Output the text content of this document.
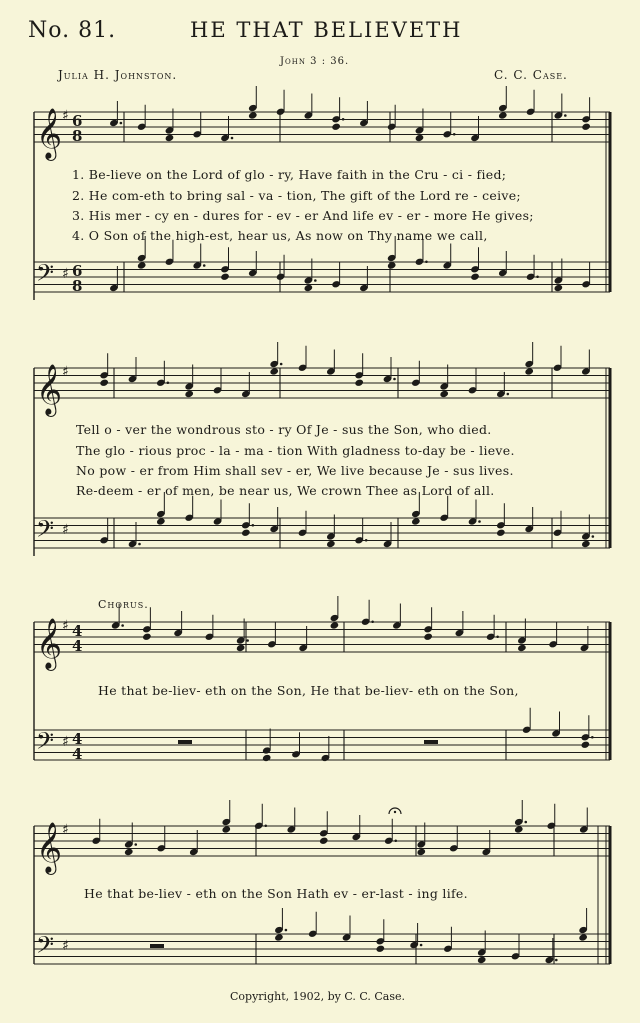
No. 81.	HE THAT BELIEVETH
John 3 : 36.
Julia H. Johnston.	C. C. Case.
𝄞 ♯ 6
8
𝄢 ♯ 6
8
𝄞 ♯
𝄢 ♯
𝄞 ♯ 4
4
𝄢 ♯ 4
4
𝄞 ♯
𝄢 ♯
1. Be-lieve on the Lord of glo - ry, Have faith in the Cru - ci - fied;
2. He com-eth to bring sal - va - tion, The gift of the Lord re - ceive;
3. His mer - cy en - dures for - ev - er And life ev - er - more He gives;
4. O Son of the high-est, hear us, As now on Thy name we call,
Tell o - ver the wondrous sto - ry Of Je - sus the Son, who died.
The glo - rious proc - la - ma - tion With gladness to-day be - lieve.
No pow - er from Him shall sev - er, We live because Je - sus lives.
Re-deem - er of men, be near us, We crown Thee as Lord of all.
Chorus.
He that be-liev- eth on the Son, He that be-liev- eth on the Son,
He that be-liev - eth on the Son Hath ev - er-last - ing life.
Copyright, 1902, by C. C. Case.
